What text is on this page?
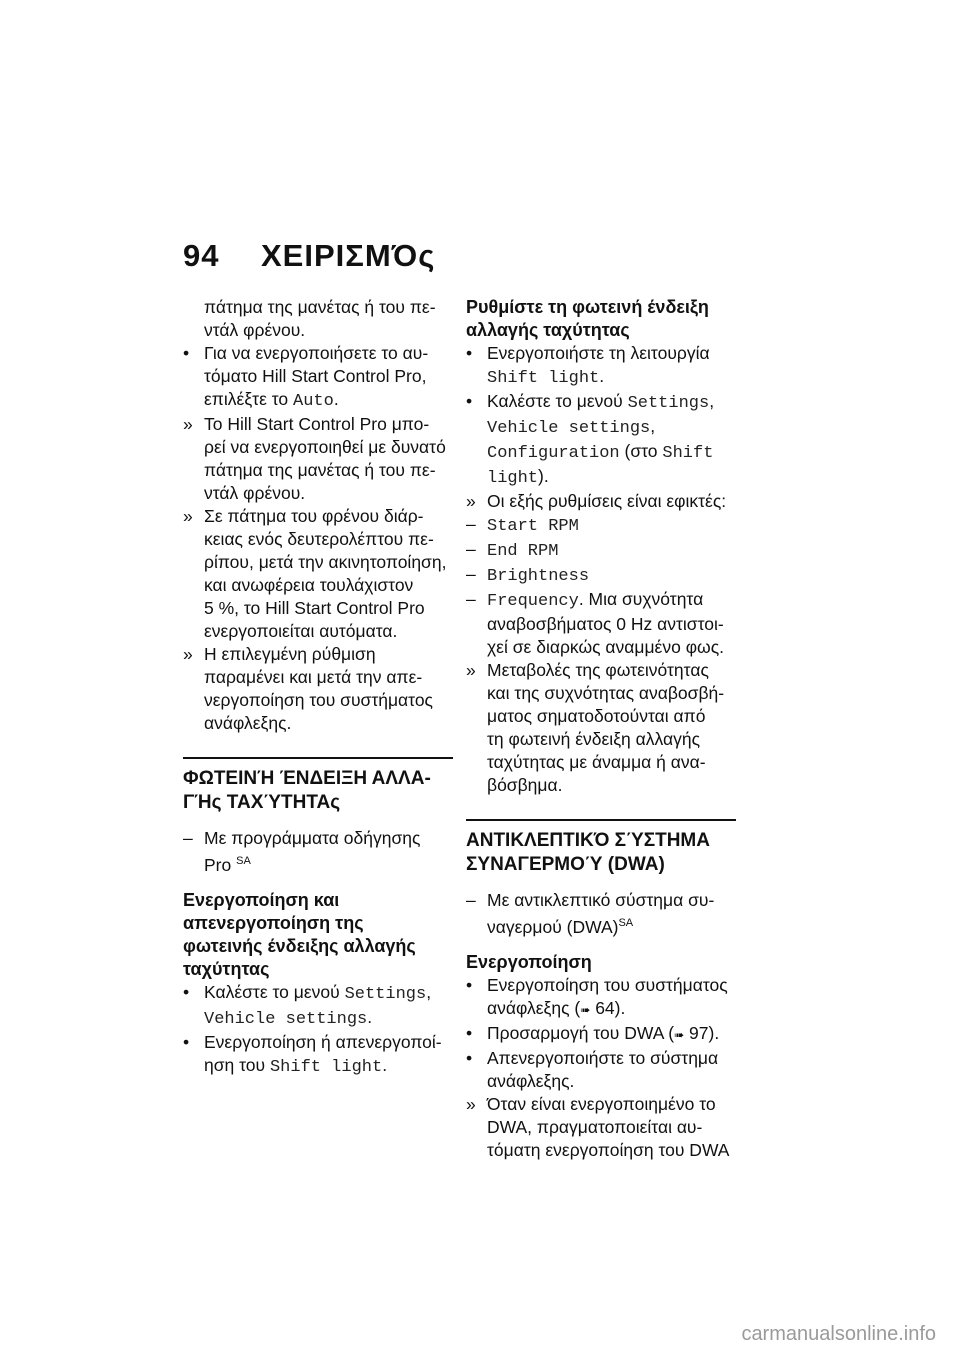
94 ΧΕΙΡΙΣΜΌς
πάτημα της μανέτας ή του πε-
ντάλ φρένου.
• Για να ενεργοποιήσετε το αυ-
τόματο Hill Start Control Pro,
επιλέξτε το Auto.
» Το Hill Start Control Pro μπο-
ρεί να ενεργοποιηθεί με δυνατό
πάτημα της μανέτας ή του πε-
ντάλ φρένου.
» Σε πάτημα του φρένου διάρ-
κειας ενός δευτερολέπτου πε-
ρίπου, μετά την ακινητοποίηση,
και ανωφέρεια τουλάχιστον
5 %, το Hill Start Control Pro
ενεργοποιείται αυτόματα.
» Η επιλεγμένη ρύθμιση
παραμένει και μετά την απε-
νεργοποίηση του συστήματος
ανάφλεξης.
ΦΩΤΕΙΝΉ ΈΝΔΕΙΞΗ ΑΛΛΑ-
ΓΉς ΤΑΧΎΤΗΤΑς
– Με προγράμματα οδήγησης
Pro $^{SA}$
Ενεργοποίηση και
απενεργοποίηση της
φωτεινής ένδειξης αλλαγής
ταχύτητας
• Καλέστε το μενού Settings,
Vehicle settings.
• Ενεργοποίηση ή απενεργοποί-
ηση του Shift light.
Ρυθμίστε τη φωτεινή ένδειξη
αλλαγής ταχύτητας
• Ενεργοποιήστε τη λειτουργία
Shift light.
• Καλέστε το μενού Settings,
Vehicle settings,
Configuration (στο Shift
light).
» Οι εξής ρυθμίσεις είναι εφικτές:
– Start RPM
– End RPM
– Brightness
– Frequency. Μια συχνότητα
αναβοσβήματος 0 Hz αντιστοι-
χεί σε διαρκώς αναμμένο φως.
» Μεταβολές της φωτεινότητας
και της συχνότητας αναβοσβή-
ματος σηματοδοτούνται από
τη φωτεινή ένδειξη αλλαγής
ταχύτητας με άναμμα ή ανα-
βόσβημα.
ΑΝΤΙΚΛΕΠΤΙΚΌ ΣΎΣΤΗΜΑ
ΣΥΝΑΓΕΡΜΟΎ (DWA)
– Με αντικλεπτικό σύστημα συ-
ναγερμού (DWA)$^{SA}$
Ενεργοποίηση
• Ενεργοποίηση του συστήματος
ανάφλεξης (➠ 64).
• Προσαρμογή του DWA (➠ 97).
• Απενεργοποιήστε το σύστημα
ανάφλεξης.
» Όταν είναι ενεργοποιημένο το
DWA, πραγματοποιείται αυ-
τόματη ενεργοποίηση του DWA
carmanualsonline.info
